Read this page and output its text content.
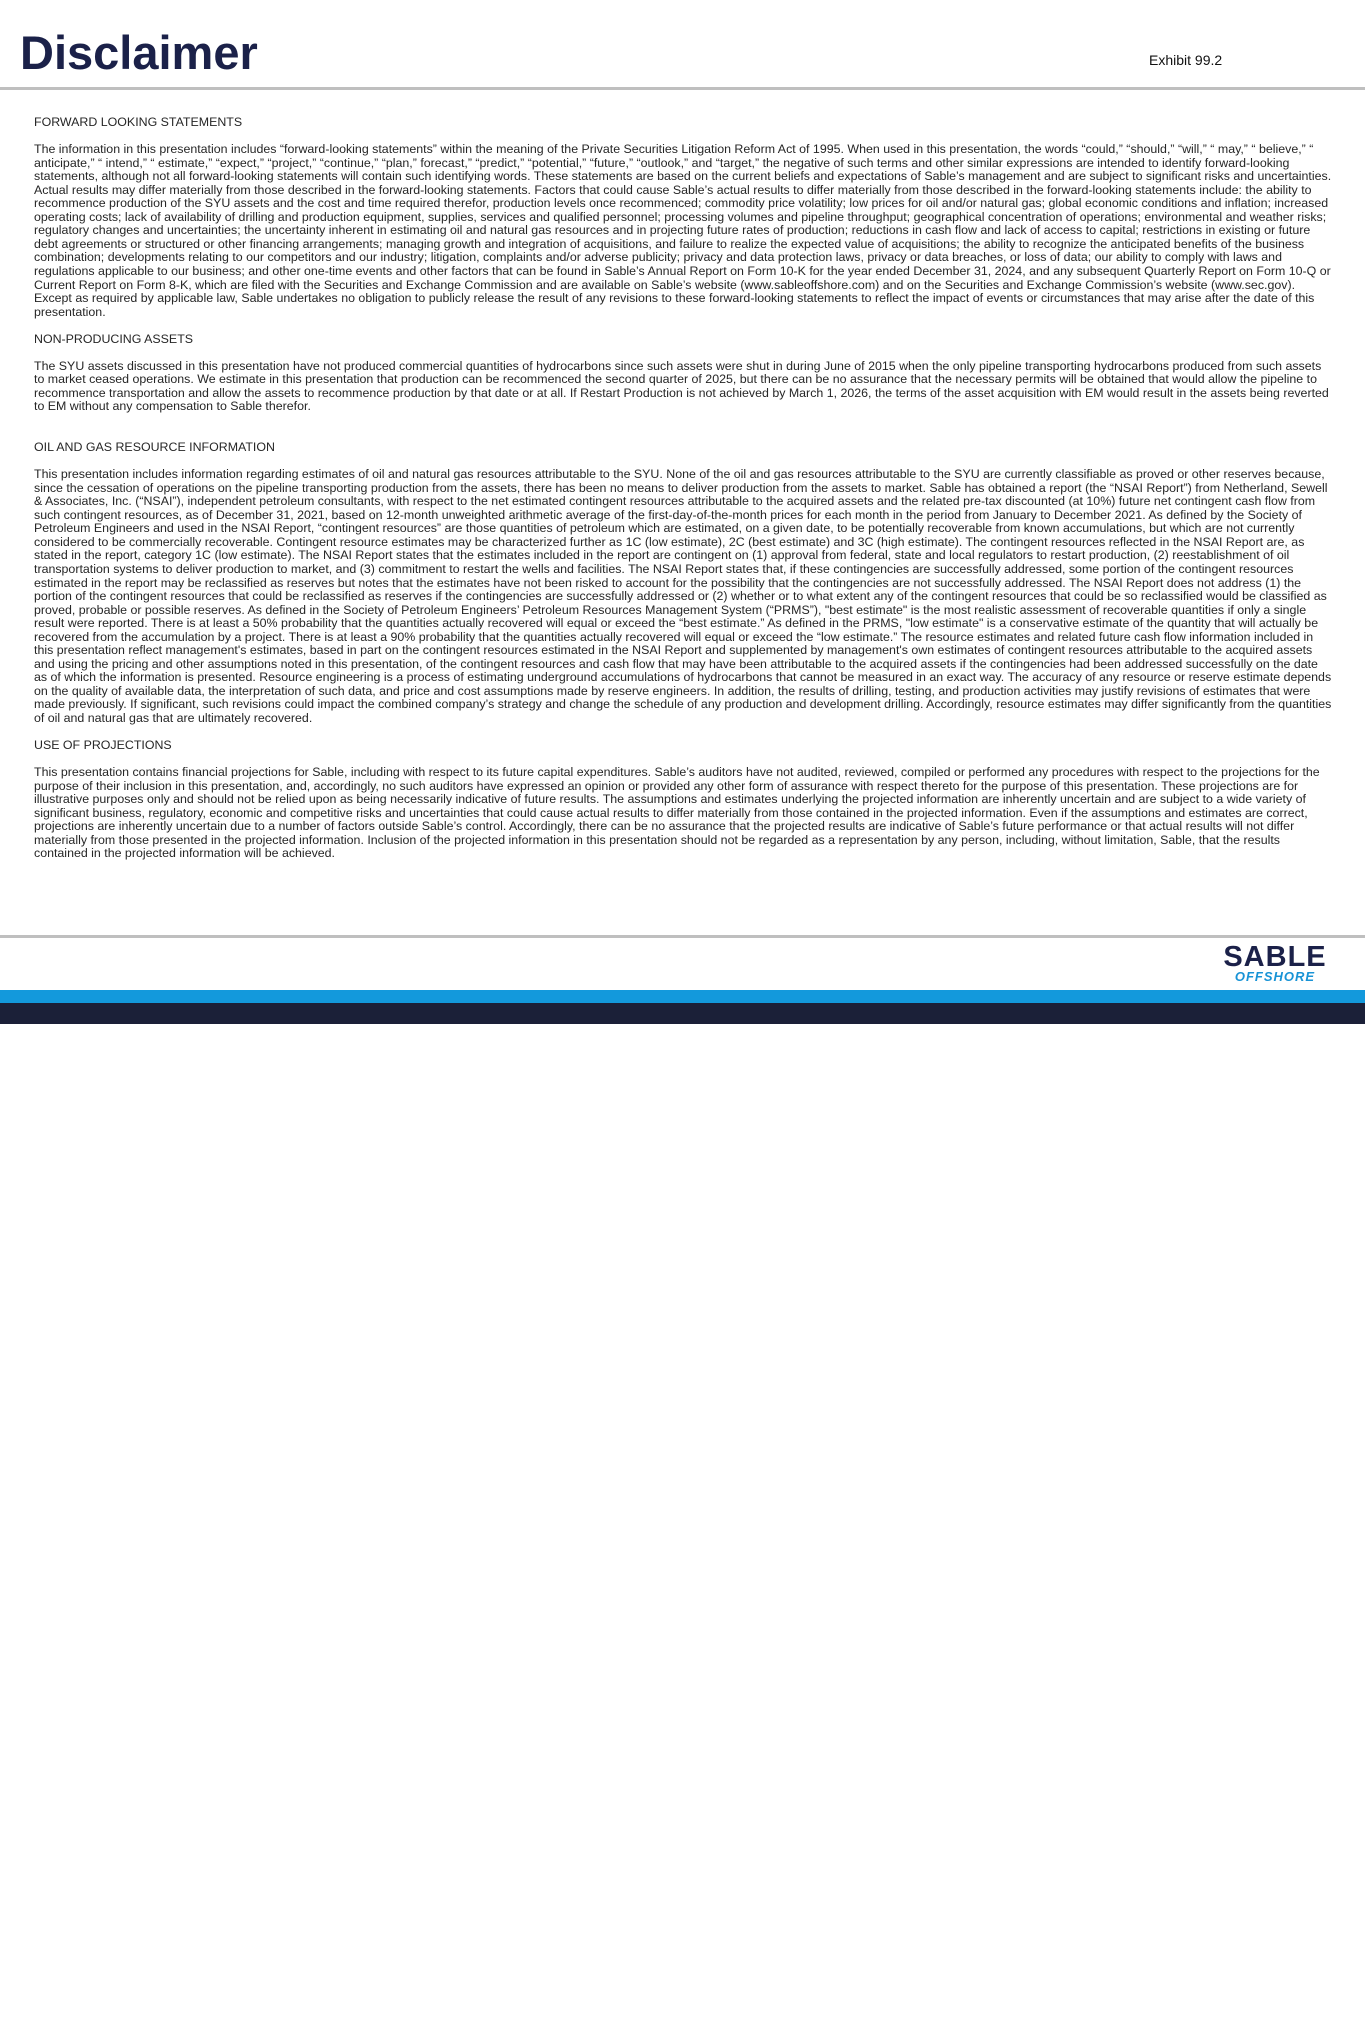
Disclaimer	Exhibit 99.2
FORWARD LOOKING STATEMENTS

The information in this presentation includes “forward-looking statements” within the meaning of the Private Securities Litigation Reform Act of 1995. When used in this presentation, the words “could,” “should,” “will,” “ may,” “ believe,” “ anticipate,” “ intend,” “ estimate,” “expect,” “project,” “continue,” “plan,” forecast,” “predict,” “potential,” “future,” “outlook,” and “target,” the negative of such terms and other similar expressions are intended to identify forward-looking statements, although not all forward-looking statements will contain such identifying words. These statements are based on the current beliefs and expectations of Sable’s management and are subject to significant risks and uncertainties. Actual results may differ materially from those described in the forward-looking statements. Factors that could cause Sable’s actual results to differ materially from those described in the forward-looking statements include: the ability to recommence production of the SYU assets and the cost and time required therefor, production levels once recommenced; commodity price volatility; low prices for oil and/or natural gas; global economic conditions and inflation; increased operating costs; lack of availability of drilling and production equipment, supplies, services and qualified personnel; processing volumes and pipeline throughput; geographical concentration of operations; environmental and weather risks; regulatory changes and uncertainties; the uncertainty inherent in estimating oil and natural gas resources and in projecting future rates of production; reductions in cash flow and lack of access to capital; restrictions in existing or future debt agreements or structured or other financing arrangements; managing growth and integration of acquisitions, and failure to realize the expected value of acquisitions; the ability to recognize the anticipated benefits of the business combination; developments relating to our competitors and our industry; litigation, complaints and/or adverse publicity; privacy and data protection laws, privacy or data breaches, or loss of data; our ability to comply with laws and regulations applicable to our business; and other one-time events and other factors that can be found in Sable’s Annual Report on Form 10-K for the year ended December 31, 2024, and any subsequent Quarterly Report on Form 10-Q or Current Report on Form 8-K, which are filed with the Securities and Exchange Commission and are available on Sable’s website (www.sableoffshore.com) and on the Securities and Exchange Commission’s website (www.sec.gov). Except as required by applicable law, Sable undertakes no obligation to publicly release the result of any revisions to these forward-looking statements to reflect the impact of events or circumstances that may arise after the date of this presentation.

NON-PRODUCING ASSETS

The SYU assets discussed in this presentation have not produced commercial quantities of hydrocarbons since such assets were shut in during June of 2015 when the only pipeline transporting hydrocarbons produced from such assets to market ceased operations. We estimate in this presentation that production can be recommenced the second quarter of 2025, but there can be no assurance that the necessary permits will be obtained that would allow the pipeline to recommence transportation and allow the assets to recommence production by that date or at all. If Restart Production is not achieved by March 1, 2026, the terms of the asset acquisition with EM would result in the assets being reverted to EM without any compensation to Sable therefor.

OIL AND GAS RESOURCE INFORMATION

This presentation includes information regarding estimates of oil and natural gas resources attributable to the SYU. None of the oil and gas resources attributable to the SYU are currently classifiable as proved or other reserves because, since the cessation of operations on the pipeline transporting production from the assets, there has been no means to deliver production from the assets to market. Sable has obtained a report (the “NSAI Report”) from Netherland, Sewell & Associates, Inc. (“NSAI”), independent petroleum consultants, with respect to the net estimated contingent resources attributable to the acquired assets and the related pre-tax discounted (at 10%) future net contingent cash flow from such contingent resources, as of December 31, 2021, based on 12-month unweighted arithmetic average of the first-day-of-the-month prices for each month in the period from January to December 2021. As defined by the Society of Petroleum Engineers and used in the NSAI Report, “contingent resources” are those quantities of petroleum which are estimated, on a given date, to be potentially recoverable from known accumulations, but which are not currently considered to be commercially recoverable. Contingent resource estimates may be characterized further as 1C (low estimate), 2C (best estimate) and 3C (high estimate). The contingent resources reflected in the NSAI Report are, as stated in the report, category 1C (low estimate). The NSAI Report states that the estimates included in the report are contingent on (1) approval from federal, state and local regulators to restart production, (2) reestablishment of oil transportation systems to deliver production to market, and (3) commitment to restart the wells and facilities. The NSAI Report states that, if these contingencies are successfully addressed, some portion of the contingent resources estimated in the report may be reclassified as reserves but notes that the estimates have not been risked to account for the possibility that the contingencies are not successfully addressed. The NSAI Report does not address (1) the portion of the contingent resources that could be reclassified as reserves if the contingencies are successfully addressed or (2) whether or to what extent any of the contingent resources that could be so reclassified would be classified as proved, probable or possible reserves. As defined in the Society of Petroleum Engineers’ Petroleum Resources Management System (“PRMS”), "best estimate" is the most realistic assessment of recoverable quantities if only a single result were reported. There is at least a 50% probability that the quantities actually recovered will equal or exceed the “best estimate.” As defined in the PRMS, "low estimate" is a conservative estimate of the quantity that will actually be recovered from the accumulation by a project. There is at least a 90% probability that the quantities actually recovered will equal or exceed the “low estimate.” The resource estimates and related future cash flow information included in this presentation reflect management's estimates, based in part on the contingent resources estimated in the NSAI Report and supplemented by management's own estimates of contingent resources attributable to the acquired assets and using the pricing and other assumptions noted in this presentation, of the contingent resources and cash flow that may have been attributable to the acquired assets if the contingencies had been addressed successfully on the date as of which the information is presented. Resource engineering is a process of estimating underground accumulations of hydrocarbons that cannot be measured in an exact way. The accuracy of any resource or reserve estimate depends on the quality of available data, the interpretation of such data, and price and cost assumptions made by reserve engineers. In addition, the results of drilling, testing, and production activities may justify revisions of estimates that were made previously. If significant, such revisions could impact the combined company’s strategy and change the schedule of any production and development drilling. Accordingly, resource estimates may differ significantly from the quantities of oil and natural gas that are ultimately recovered.

USE OF PROJECTIONS

This presentation contains financial projections for Sable, including with respect to its future capital expenditures. Sable’s auditors have not audited, reviewed, compiled or performed any procedures with respect to the projections for the purpose of their inclusion in this presentation, and, accordingly, no such auditors have expressed an opinion or provided any other form of assurance with respect thereto for the purpose of this presentation. These projections are for illustrative purposes only and should not be relied upon as being necessarily indicative of future results. The assumptions and estimates underlying the projected information are inherently uncertain and are subject to a wide variety of significant business, regulatory, economic and competitive risks and uncertainties that could cause actual results to differ materially from those contained in the projected information. Even if the assumptions and estimates are correct, projections are inherently uncertain due to a number of factors outside Sable’s control. Accordingly, there can be no assurance that the projected results are indicative of Sable’s future performance or that actual results will not differ materially from those presented in the projected information. Inclusion of the projected information in this presentation should not be regarded as a representation by any person, including, without limitation, Sable, that the results contained in the projected information will be achieved.

SABLE
OFFSHORE
2
